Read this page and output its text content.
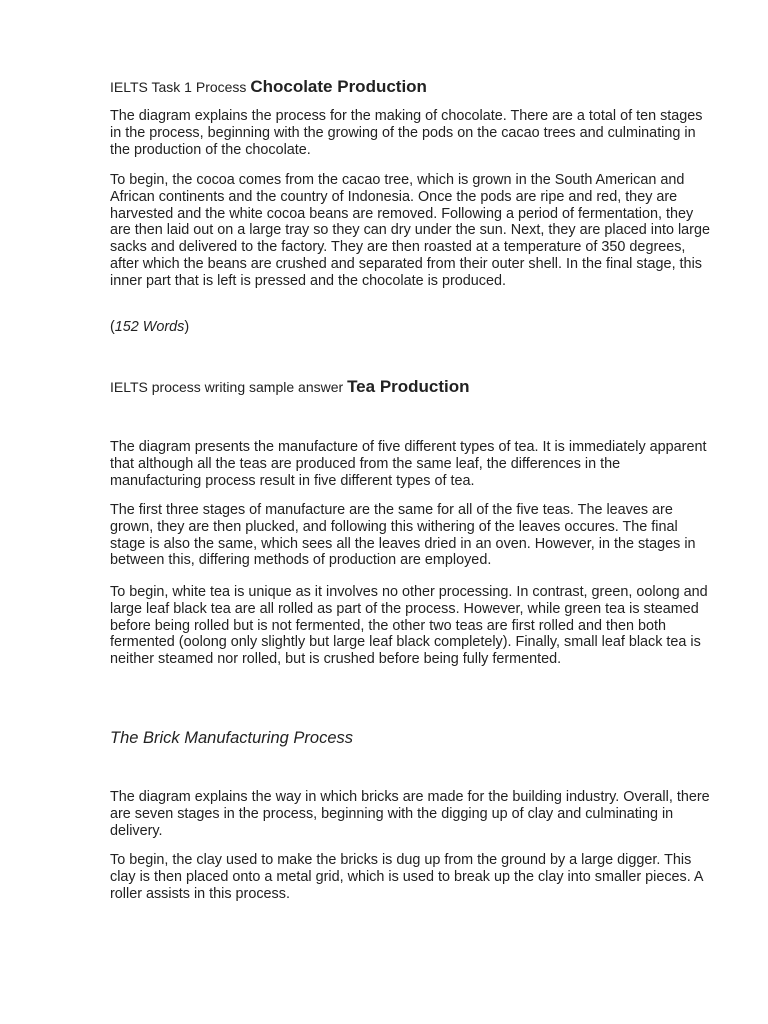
IELTS Task 1 Process Chocolate Production

The diagram explains the process for the making of chocolate. There are a total of ten stages in the process, beginning with the growing of the pods on the cacao trees and culminating in the production of the chocolate.

To begin, the cocoa comes from the cacao tree, which is grown in the South American and African continents and the country of Indonesia. Once the pods are ripe and red, they are harvested and the white cocoa beans are removed. Following a period of fermentation, they are then laid out on a large tray so they can dry under the sun. Next, they are placed into large sacks and delivered to the factory. They are then roasted at a temperature of 350 degrees, after which the beans are crushed and separated from their outer shell. In the final stage, this inner part that is left is pressed and the chocolate is produced.

(152 Words)

IELTS process writing sample answer Tea Production

The diagram presents the manufacture of five different types of tea. It is immediately apparent that although all the teas are produced from the same leaf, the differences in the manufacturing process result in five different types of tea.

The first three stages of manufacture are the same for all of the five teas. The leaves are grown, they are then plucked, and following this withering of the leaves occures. The final stage is also the same, which sees all the leaves dried in an oven. However, in the stages in between this, differing methods of production are employed.

To begin, white tea is unique as it involves no other processing. In contrast, green, oolong and large leaf black tea are all rolled as part of the process. However, while green tea is steamed before being rolled but is not fermented, the other two teas are first rolled and then both fermented (oolong only slightly but large leaf black completely). Finally, small leaf black tea is neither steamed nor rolled, but is crushed before being fully fermented.

The Brick Manufacturing Process

The diagram explains the way in which bricks are made for the building industry. Overall, there are seven stages in the process, beginning with the digging up of clay and culminating in delivery.

To begin, the clay used to make the bricks is dug up from the ground by a large digger. This clay is then placed onto a metal grid, which is used to break up the clay into smaller pieces. A roller assists in this process.
